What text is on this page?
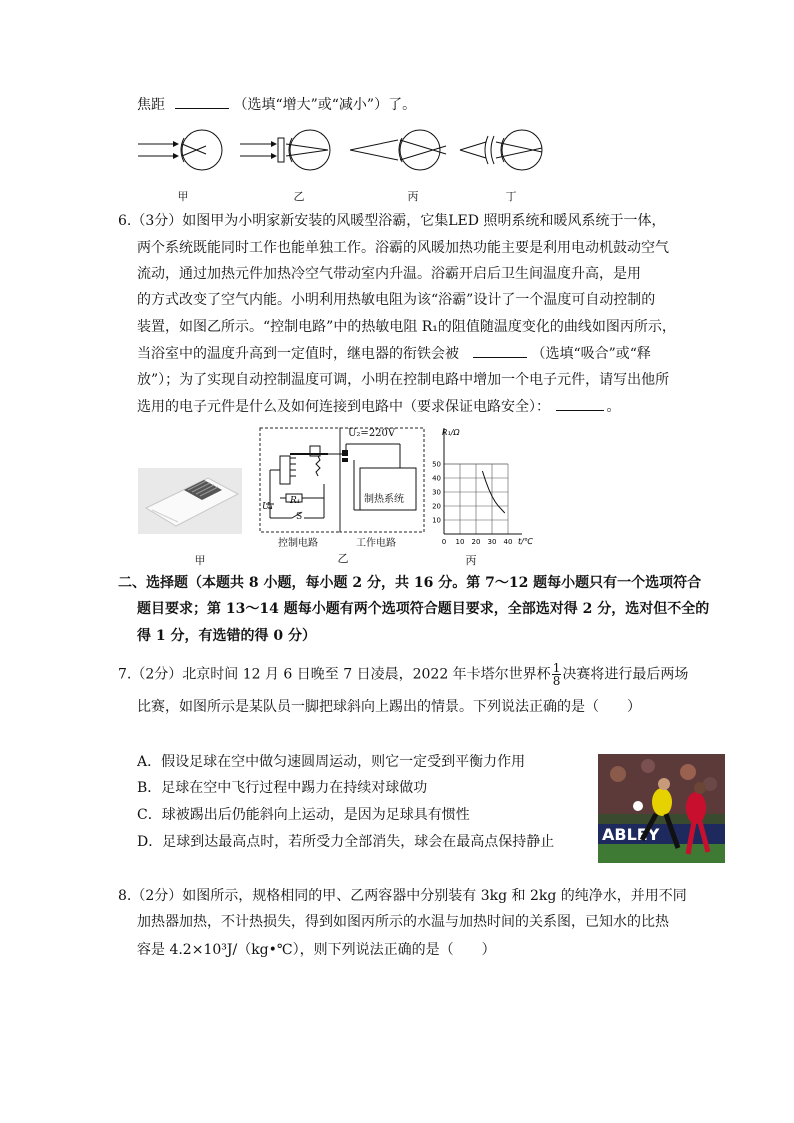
焦距	（选填“增大”或“减小”）了。
甲	乙	丙	丁
6.（3分）如图甲为小明家新安装的风暖型浴霸，它集LED 照明系统和暖风系统于一体，
两个系统既能同时工作也能单独工作。浴霸的风暖加热功能主要是利用电动机鼓动空气
流动，通过加热元件加热冷空气带动室内升温。浴霸开启后卫生间温度升高，是用
的方式改变了空气内能。小明利用热敏电阻为该“浴霸”设计了一个温度可自动控制的
装置，如图乙所示。“控制电路”中的热敏电阻 R₁的阻值随温度变化的曲线如图丙所示，
当浴室中的温度升高到一定值时，继电器的衔铁会被	（选填“吸合”或“释
放”）；为了实现自动控制温度可调，小明在控制电路中增加一个电子元件，请写出他所
选用的电子元件是什么及如何连接到电路中（要求保证电路安全）：	。
甲
U₂=220V
制热系统
R₁
U₁
S
控制电路	工作电路
乙
0 10 20 30 40
10
20
30
40
50
R₁/Ω
t/℃
丙
二、选择题（本题共 8 小题，每小题 2 分，共 16 分。第 7～12 题每小题只有一个选项符合
题目要求；第 13～14 题每小题有两个选项符合题目要求，全部选对得 2 分，选对但不全的
得 1 分，有选错的得 0 分）
7.（2分）北京时间 12 月 6 日晚至 7 日凌晨，2022 年卡塔尔世界杯 $\frac{1}{8}$ 决赛将进行最后两场
比赛，如图所示是某队员一脚把球斜向上踢出的情景。下列说法正确的是（　　）
A．假设足球在空中做匀速圆周运动，则它一定受到平衡力作用
B．足球在空中飞行过程中踢力在持续对球做功
C．球被踢出后仍能斜向上运动，是因为足球具有惯性
D．足球到达最高点时，若所受力全部消失，球会在最高点保持静止	ABLEY
8.（2分）如图所示，规格相同的甲、乙两容器中分别装有 3kg 和 2kg 的纯净水，并用不同
加热器加热，不计热损失，得到如图丙所示的水温与加热时间的关系图，已知水的比热
容是 4.2×10³J/（kg•℃），则下列说法正确的是（　　）
